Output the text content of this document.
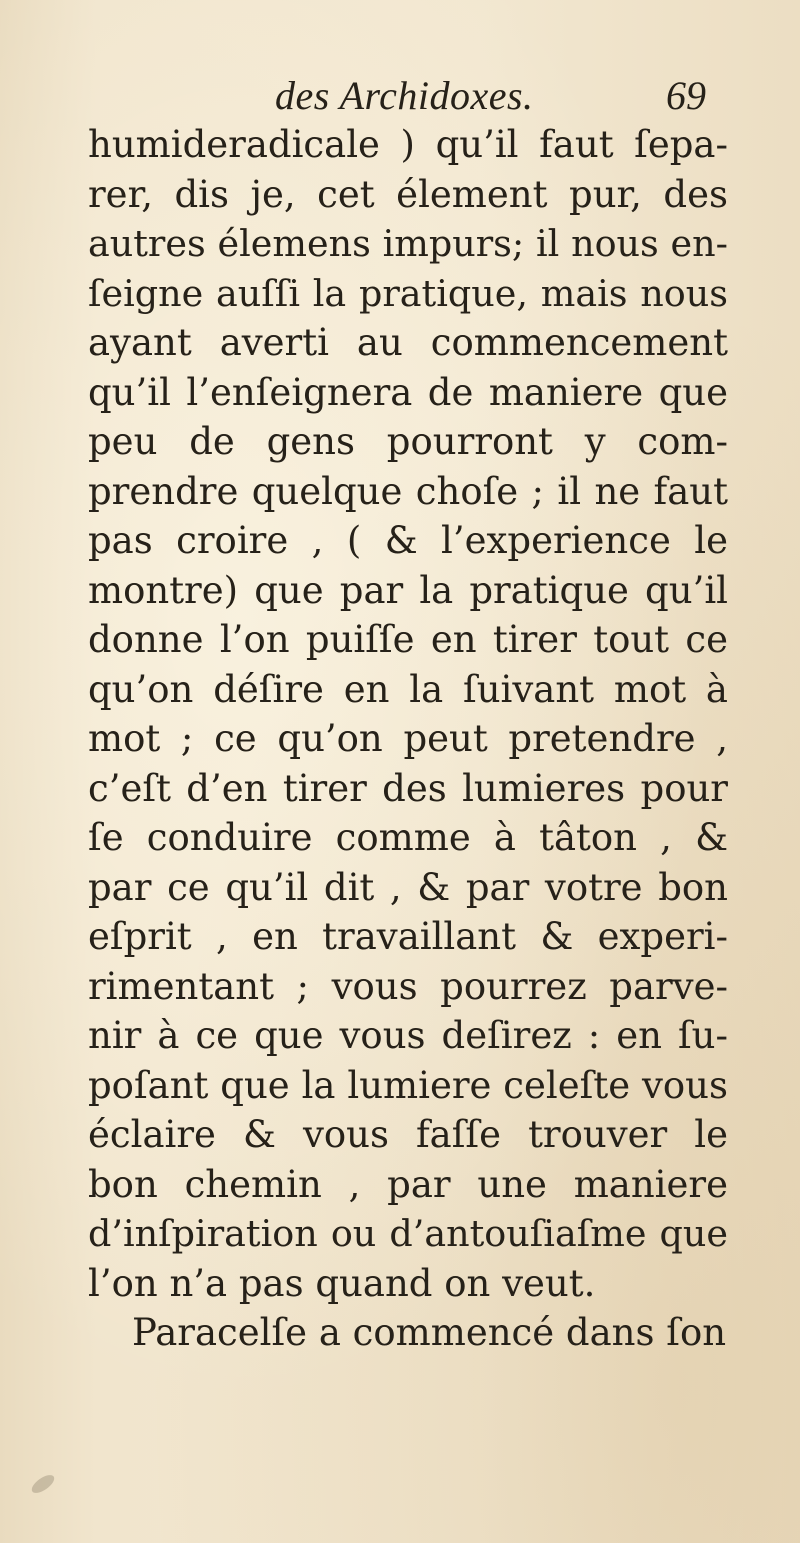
des Archidoxes.	69
humideradicale ) qu’il faut ſepa-
rer, dis je, cet élement pur, des
autres élemens impurs; il nous en-
ſeigne auſſi la pratique, mais nous
ayant averti au commencement
qu’il l’enſeignera de maniere que
peu de gens pourront y com-
prendre quelque choſe ; il ne faut
pas croire , ( & l’experience le
montre) que par la pratique qu’il
donne l’on puiſſe en tirer tout ce
qu’on déſire en la ſuivant mot à
mot ; ce qu’on peut pretendre ,
c’eſt d’en tirer des lumieres pour
ſe conduire comme à tâton , &
par ce qu’il dit , & par votre bon
eſprit , en travaillant & experi-
rimentant ; vous pourrez parve-
nir à ce que vous deſirez : en ſu-
poſant que la lumiere celeſte vous
éclaire & vous faſſe trouver le
bon chemin , par une maniere
d’inſpiration ou d’antouſiaſme que
l’on n’a pas quand on veut.
Paracelſe a commencé dans ſon
